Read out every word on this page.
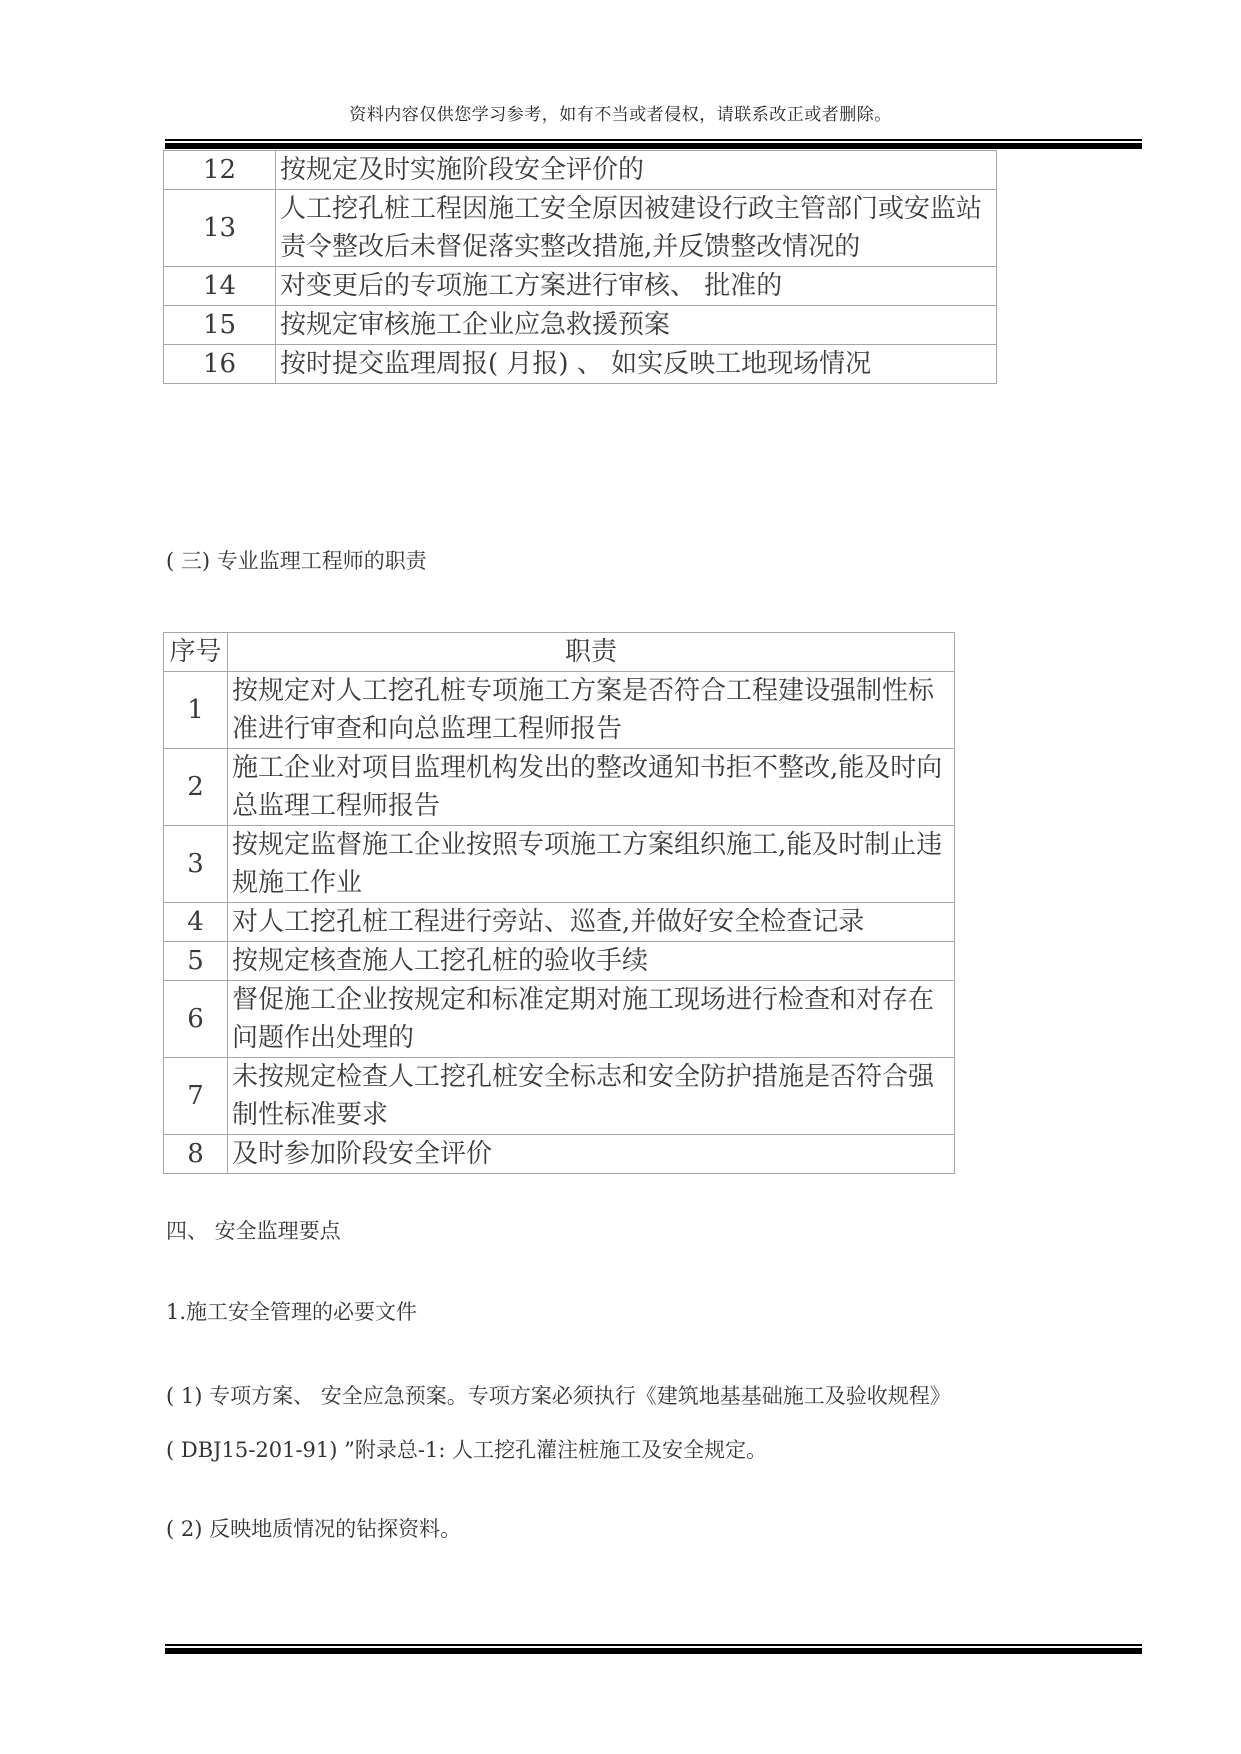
资料内容仅供您学习参考，如有不当或者侵权，请联系改正或者删除。
12	按规定及时实施阶段安全评价的
13	人工挖孔桩工程因施工安全原因被建设行政主管部门或安监站责令整改后未督促落实整改措施,并反馈整改情况的
14	对变更后的专项施工方案进行审核、 批准的
15	按规定审核施工企业应急救援预案
16	按时提交监理周报( 月报) 、 如实反映工地现场情况
( 三) 专业监理工程师的职责
序号	职责
1	按规定对人工挖孔桩专项施工方案是否符合工程建设强制性标准进行审查和向总监理工程师报告
2	施工企业对项目监理机构发出的整改通知书拒不整改,能及时向总监理工程师报告
3	按规定监督施工企业按照专项施工方案组织施工,能及时制止违规施工作业
4	对人工挖孔桩工程进行旁站、巡查,并做好安全检查记录
5	按规定核查施人工挖孔桩的验收手续
6	督促施工企业按规定和标准定期对施工现场进行检查和对存在问题作出处理的
7	未按规定检查人工挖孔桩安全标志和安全防护措施是否符合强制性标准要求
8	及时参加阶段安全评价
四、 安全监理要点
1.施工安全管理的必要文件
( 1) 专项方案、 安全应急预案。专项方案必须执行《建筑地基基础施工及验收规程》
( DBJ15-201-91) ”附录总-1: 人工挖孔灌注桩施工及安全规定。
( 2) 反映地质情况的钻探资料。
